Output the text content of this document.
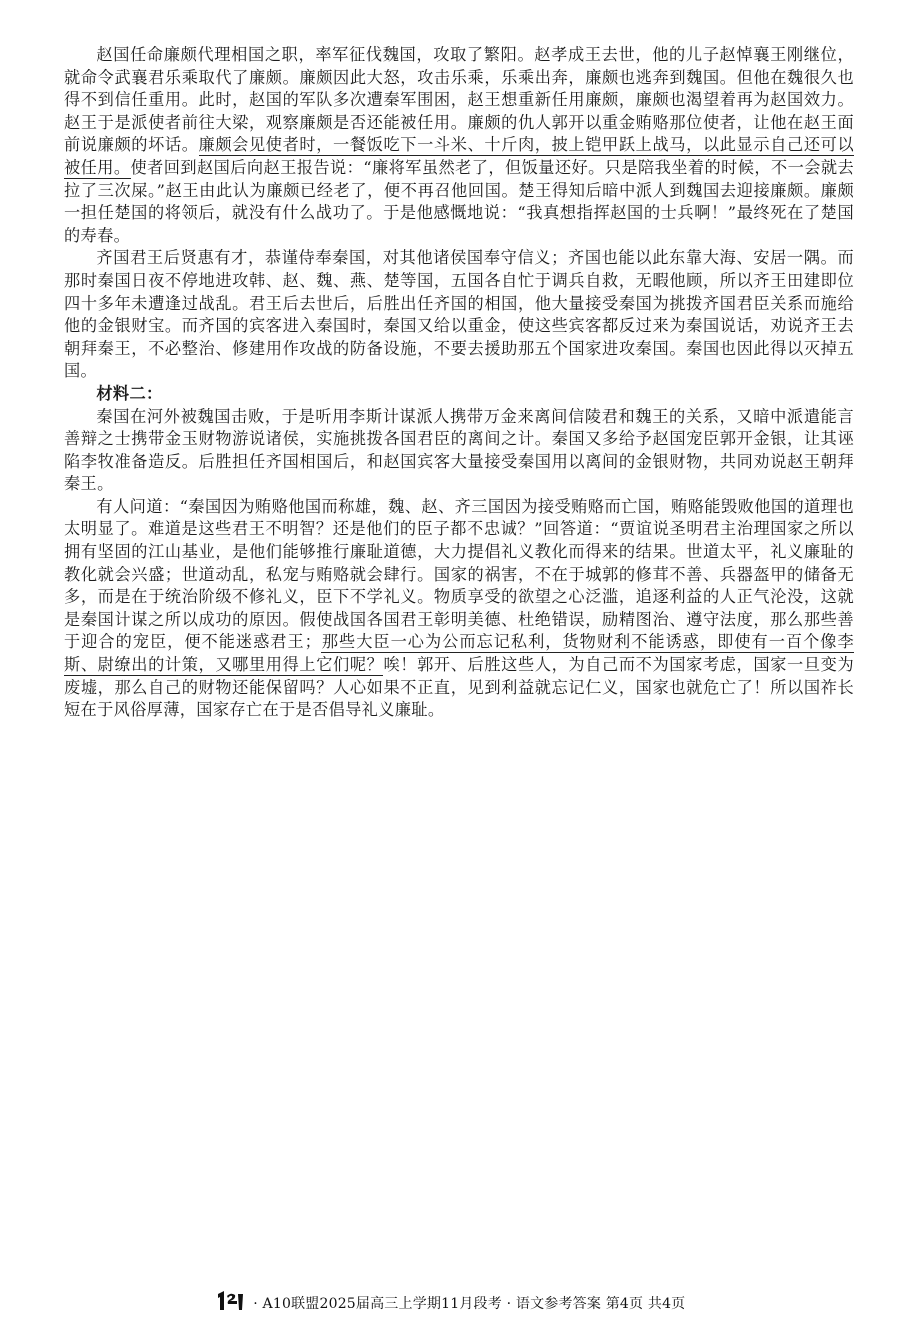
赵国任命廉颇代理相国之职，率军征伐魏国，攻取了繁阳。赵孝成王去世，他的儿子赵悼襄王刚继位，就命令武襄君乐乘取代了廉颇。廉颇因此大怒，攻击乐乘，乐乘出奔，廉颇也逃奔到魏国。但他在魏很久也得不到信任重用。此时，赵国的军队多次遭秦军围困，赵王想重新任用廉颇，廉颇也渴望着再为赵国效力。赵王于是派使者前往大梁，观察廉颇是否还能被任用。廉颇的仇人郭开以重金贿赂那位使者，让他在赵王面前说廉颇的坏话。廉颇会见使者时，一餐饭吃下一斗米、十斤肉，披上铠甲跃上战马，以此显示自己还可以被任用。使者回到赵国后向赵王报告说：“廉将军虽然老了，但饭量还好。只是陪我坐着的时候，不一会就去拉了三次屎。”赵王由此认为廉颇已经老了，便不再召他回国。楚王得知后暗中派人到魏国去迎接廉颇。廉颇一担任楚国的将领后，就没有什么战功了。于是他感慨地说：“我真想指挥赵国的士兵啊！”最终死在了楚国的寿春。

齐国君王后贤惠有才，恭谨侍奉秦国，对其他诸侯国奉守信义；齐国也能以此东靠大海、安居一隅。而那时秦国日夜不停地进攻韩、赵、魏、燕、楚等国，五国各自忙于调兵自救，无暇他顾，所以齐王田建即位四十多年未遭逢过战乱。君王后去世后，后胜出任齐国的相国，他大量接受秦国为挑拨齐国君臣关系而施给他的金银财宝。而齐国的宾客进入秦国时，秦国又给以重金，使这些宾客都反过来为秦国说话，劝说齐王去朝拜秦王，不必整治、修建用作攻战的防备设施，不要去援助那五个国家进攻秦国。秦国也因此得以灭掉五国。

材料二：

秦国在河外被魏国击败，于是听用李斯计谋派人携带万金来离间信陵君和魏王的关系，又暗中派遣能言善辩之士携带金玉财物游说诸侯，实施挑拨各国君臣的离间之计。秦国又多给予赵国宠臣郭开金银，让其诬陷李牧准备造反。后胜担任齐国相国后，和赵国宾客大量接受秦国用以离间的金银财物，共同劝说赵王朝拜秦王。

有人问道：“秦国因为贿赂他国而称雄，魏、赵、齐三国因为接受贿赂而亡国，贿赂能毁败他国的道理也太明显了。难道是这些君王不明智？还是他们的臣子都不忠诚？”回答道：“贾谊说圣明君主治理国家之所以拥有坚固的江山基业，是他们能够推行廉耻道德，大力提倡礼义教化而得来的结果。世道太平，礼义廉耻的教化就会兴盛；世道动乱，私宠与贿赂就会肆行。国家的祸害，不在于城郭的修茸不善、兵器盔甲的储备无多，而是在于统治阶级不修礼义，臣下不学礼义。物质享受的欲望之心泛滥，追逐利益的人正气沦没，这就是秦国计谋之所以成功的原因。假使战国各国君王彰明美德、杜绝错误，励精图治、遵守法度，那么那些善于迎合的宠臣，便不能迷惑君王；那些大臣一心为公而忘记私利，货物财利不能诱惑，即使有一百个像李斯、尉缭出的计策，又哪里用得上它们呢？唉！郭开、后胜这些人，为自己而不为国家考虑，国家一旦变为废墟，那么自己的财物还能保留吗？人心如果不正直，见到利益就忘记仁义，国家也就危亡了！所以国祚长短在于风俗厚薄，国家存亡在于是否倡导礼义廉耻。

· A10联盟2025届高三上学期11月段考 · 语文参考答案 第4页 共4页
